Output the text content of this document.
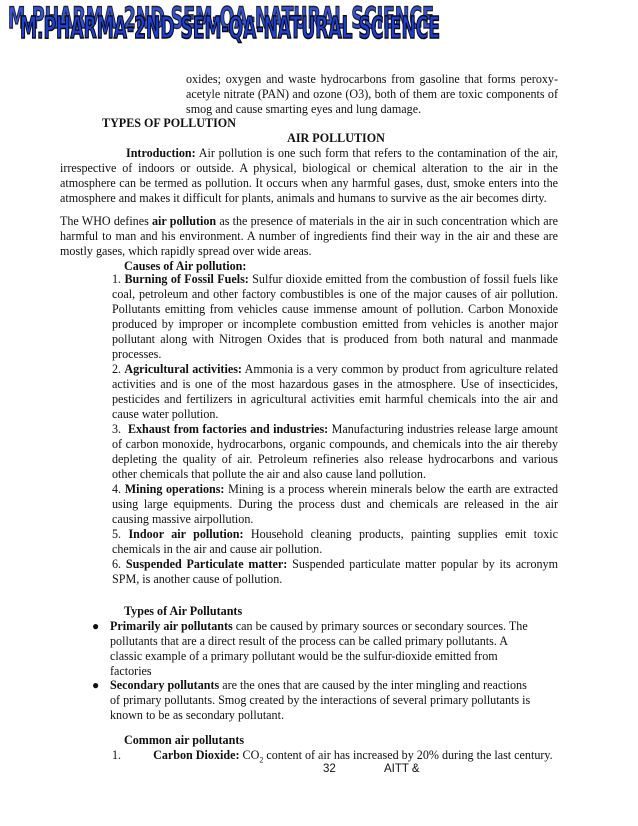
M.PHARMA-2ND SEM-QA-NATURAL SCIENCE
M.PHARMA-2ND SEM-QA-NATURAL SCIENCE

oxides; oxygen and waste hydrocarbons from gasoline that forms peroxy-acetyle nitrate (PAN) and ozone (O3), both of them are toxic components of smog and cause smarting eyes and lung damage.

TYPES OF POLLUTION
AIR POLLUTION

Introduction: Air pollution is one such form that refers to the contamination of the air, irrespective of indoors or outside. A physical, biological or chemical alteration to the air in the atmosphere can be termed as pollution. It occurs when any harmful gases, dust, smoke enters into the atmosphere and makes it difficult for plants, animals and humans to survive as the air becomes dirty.

The WHO defines air pollution as the presence of materials in the air in such concentration which are harmful to man and his environment. A number of ingredients find their way in the air and these are mostly gases, which rapidly spread over wide areas.

Causes of Air pollution:

1. Burning of Fossil Fuels: Sulfur dioxide emitted from the combustion of fossil fuels like coal, petroleum and other factory combustibles is one of the major causes of air pollution. Pollutants emitting from vehicles cause immense amount of pollution. Carbon Monoxide produced by improper or incomplete combustion emitted from vehicles is another major pollutant along with Nitrogen Oxides that is produced from both natural and manmade processes.

2. Agricultural activities: Ammonia is a very common by product from agriculture related activities and is one of the most hazardous gases in the atmosphere. Use of insecticides, pesticides and fertilizers in agricultural activities emit harmful chemicals into the air and cause water pollution.

3. Exhaust from factories and industries: Manufacturing industries release large amount of carbon monoxide, hydrocarbons, organic compounds, and chemicals into the air thereby depleting the quality of air. Petroleum refineries also release hydrocarbons and various other chemicals that pollute the air and also cause land pollution.

4. Mining operations: Mining is a process wherein minerals below the earth are extracted using large equipments. During the process dust and chemicals are released in the air causing massive airpollution.

5. Indoor air pollution: Household cleaning products, painting supplies emit toxic chemicals in the air and cause air pollution.

6. Suspended Particulate matter: Suspended particulate matter popular by its acronym SPM, is another cause of pollution.

Types of Air Pollutants
● Primarily air pollutants can be caused by primary sources or secondary sources. The pollutants that are a direct result of the process can be called primary pollutants. A classic example of a primary pollutant would be the sulfur-dioxide emitted from factories

● Secondary pollutants are the ones that are caused by the inter mingling and reactions of primary pollutants. Smog created by the interactions of several primary pollutants is known to be as secondary pollutant.

Common air pollutants
1.	Carbon Dioxide: $CO_2$ content of air has increased by 20% during the last century.
32	AITT &
